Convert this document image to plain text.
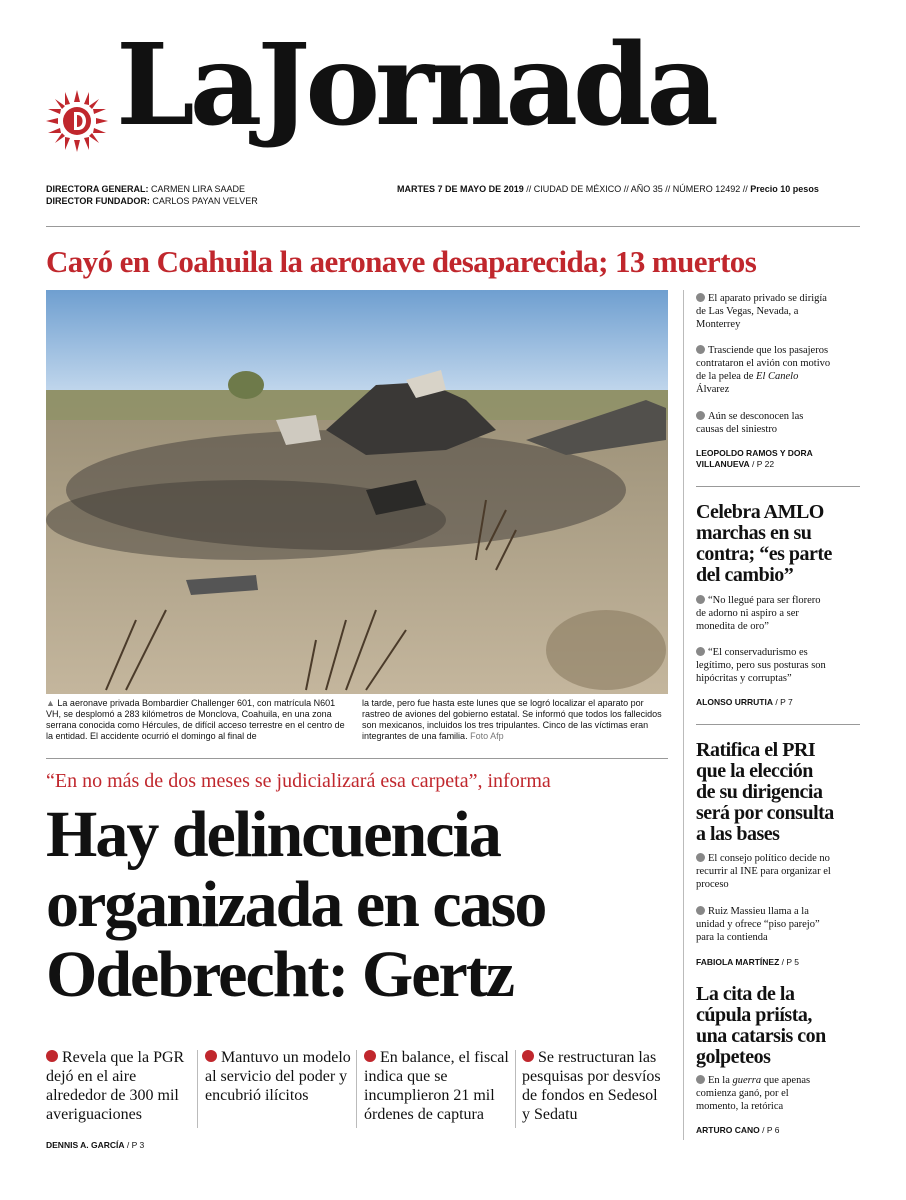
LaJornada
DIRECTORA GENERAL: CARMEN LIRA SAADE
DIRECTOR FUNDADOR: CARLOS PAYAN VELVER
MARTES 7 DE MAYO DE 2019 // CIUDAD DE MÉXICO // AÑO 35 // NÚMERO 12492 // Precio 10 pesos
Cayó en Coahuila la aeronave desaparecida; 13 muertos
▲ La aeronave privada Bombardier Challenger 601, con matrícula N601 VH, se desplomó a 283 kilómetros de Monclova, Coahuila, en una zona serrana conocida como Hércules, de difícil acceso terrestre en el centro de la entidad. El accidente ocurrió el domingo al final de
la tarde, pero fue hasta este lunes que se logró localizar el aparato por rastreo de aviones del gobierno estatal. Se informó que todos los fallecidos son mexicanos, incluidos los tres tripulantes. Cinco de las víctimas eran integrantes de una familia. Foto Afp
El aparato privado se dirigía de Las Vegas, Nevada, a Monterrey
Trasciende que los pasajeros contrataron el avión con motivo de la pelea de El Canelo Álvarez
Aún se desconocen las causas del siniestro
LEOPOLDO RAMOS Y DORA VILLANUEVA / P 22
Celebra AMLO marchas en su contra; “es parte del cambio”
“No llegué para ser florero de adorno ni aspiro a ser monedita de oro”
“El conservadurismo es legítimo, pero sus posturas son hipócritas y corruptas”
ALONSO URRUTIA / P 7
Ratifica el PRI que la elección de su dirigencia será por consulta a las bases
El consejo político decide no recurrir al INE para organizar el proceso
Ruiz Massieu llama a la unidad y ofrece “piso parejo” para la contienda
FABIOLA MARTÍNEZ / P 5
La cita de la cúpula priísta, una catarsis con golpeteos
En la guerra que apenas comienza ganó, por el momento, la retórica
ARTURO CANO / P 6
“En no más de dos meses se judicializará esa carpeta”, informa
Hay delincuencia
organizada en caso
Odebrecht: Gertz
Revela que la PGR dejó en el aire alrededor de 300 mil averiguaciones
Mantuvo un modelo al servicio del poder y encubrió ilícitos
En balance, el fiscal indica que se incumplieron 21 mil órdenes de captura
Se restructuran las pesquisas por desvíos de fondos en Sedesol y Sedatu
DENNIS A. GARCÍA / P 3
